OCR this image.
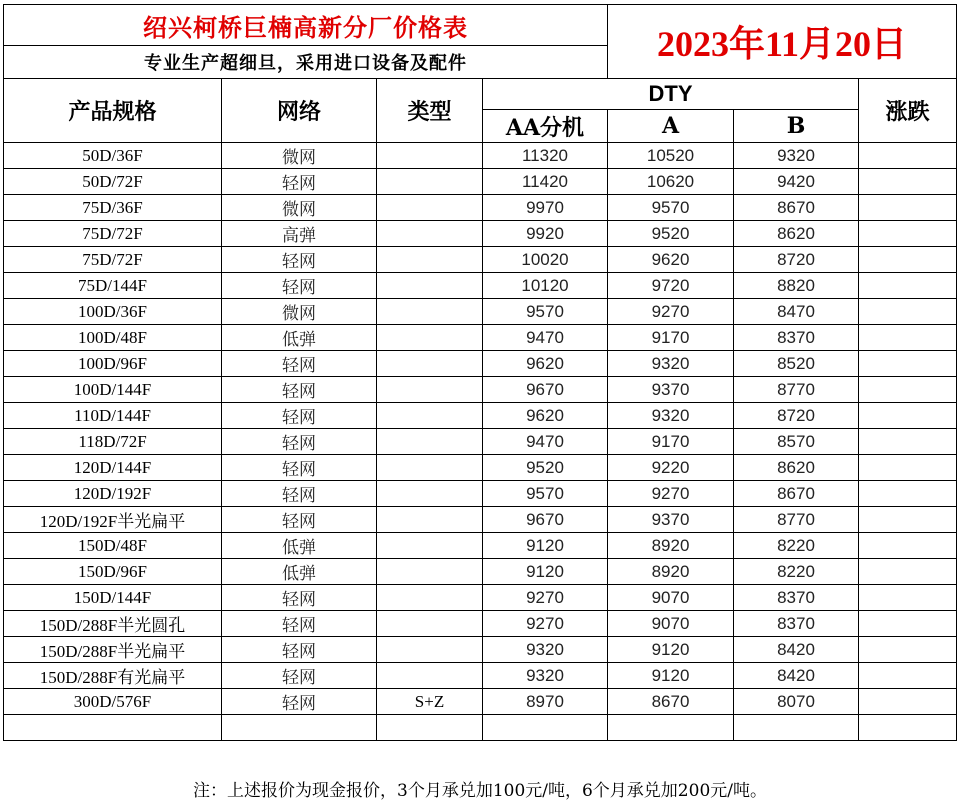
绍兴柯桥巨楠高新分厂价格表				2023年11月20日		
专业生产超细旦，采用进口设备及配件						
产品规格	网络	类型	DTY			涨跌
			AA分机	A	B	
50D/36F	微网		11320	10520	9320	
50D/72F	轻网		11420	10620	9420	
75D/36F	微网		9970	9570	8670	
75D/72F	高弹		9920	9520	8620	
75D/72F	轻网		10020	9620	8720	
75D/144F	轻网		10120	9720	8820	
100D/36F	微网		9570	9270	8470	
100D/48F	低弹		9470	9170	8370	
100D/96F	轻网		9620	9320	8520	
100D/144F	轻网		9670	9370	8770	
110D/144F	轻网		9620	9320	8720	
118D/72F	轻网		9470	9170	8570	
120D/144F	轻网		9520	9220	8620	
120D/192F	轻网		9570	9270	8670	
120D/192F半光扁平	轻网		9670	9370	8770	
150D/48F	低弹		9120	8920	8220	
150D/96F	低弹		9120	8920	8220	
150D/144F	轻网		9270	9070	8370	
150D/288F半光圆孔	轻网		9270	9070	8370	
150D/288F半光扁平	轻网		9320	9120	8420	
150D/288F有光扁平	轻网		9320	9120	8420	
300D/576F	轻网	S+Z	8970	8670	8070	

注：上述报价为现金报价，3个月承兑加100元/吨，6个月承兑加200元/吨。
